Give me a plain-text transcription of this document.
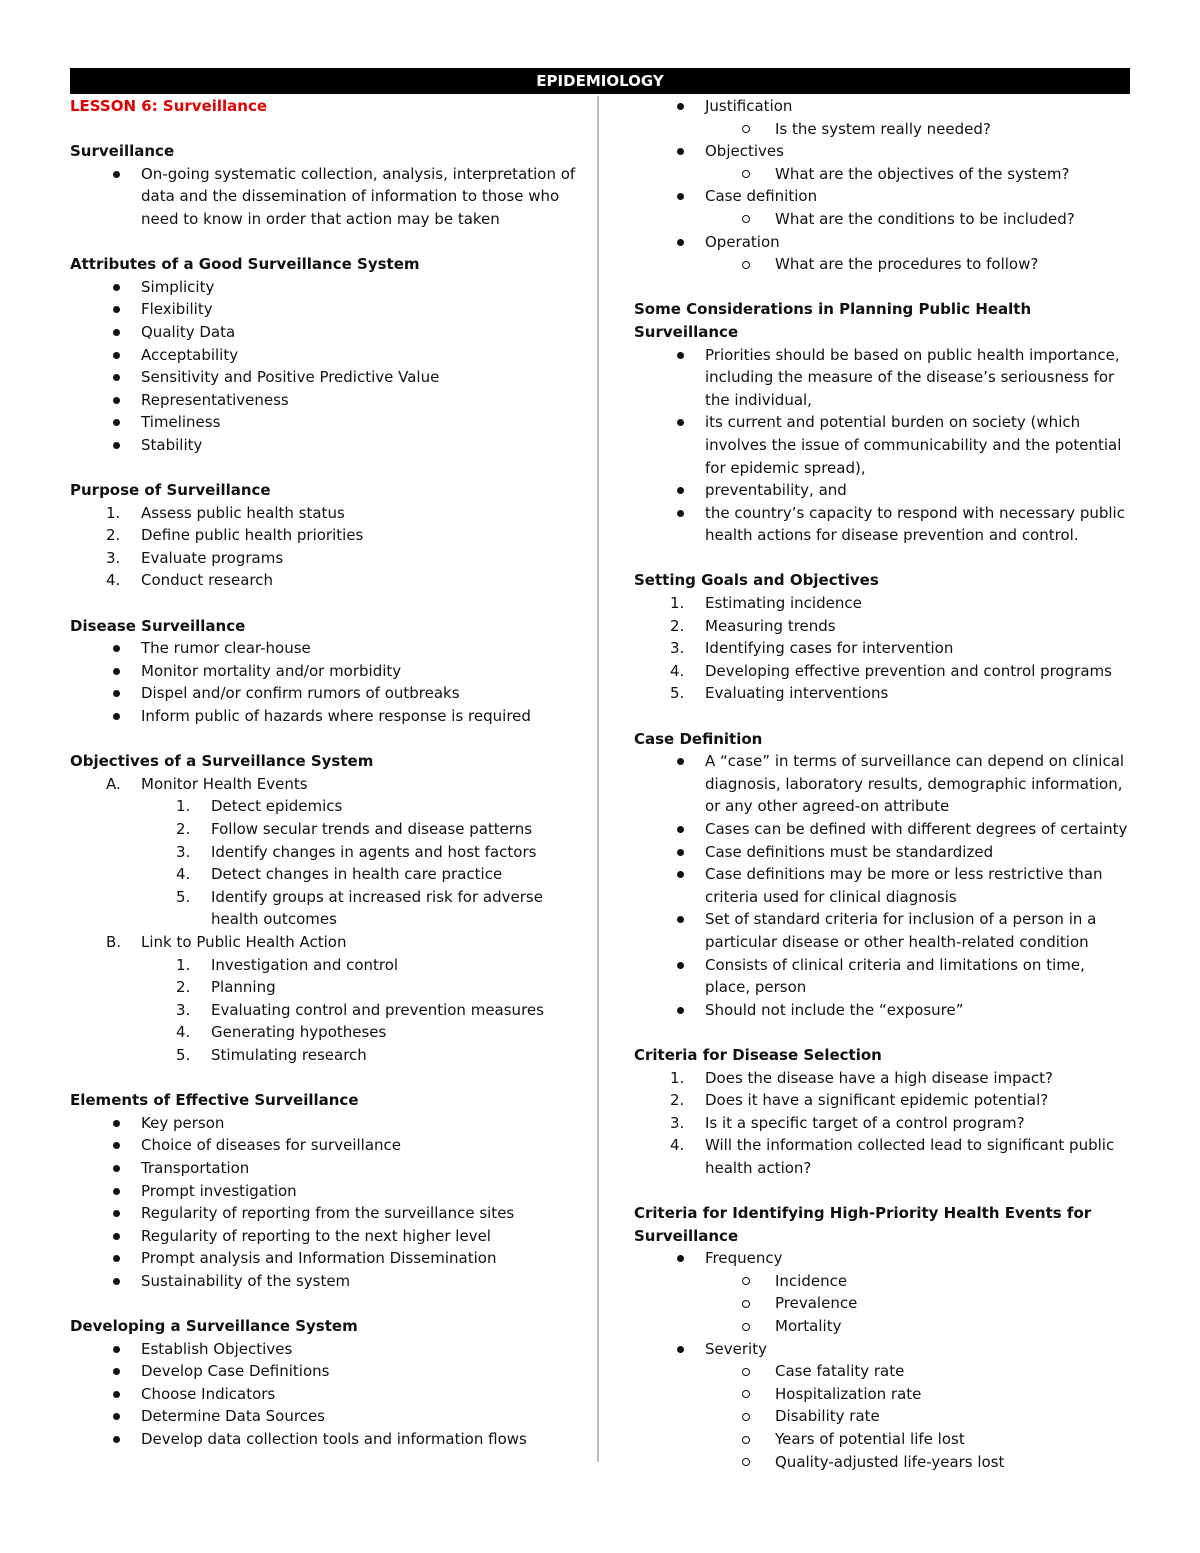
EPIDEMIOLOGY
LESSON 6: Surveillance
Surveillance
On-going systematic collection, analysis, interpretation of data and the dissemination of information to those who need to know in order that action may be taken
Attributes of a Good Surveillance System
Simplicity
Flexibility
Quality Data
Acceptability
Sensitivity and Positive Predictive Value
Representativeness
Timeliness
Stability
Purpose of Surveillance
1.	Assess public health status
2.	Define public health priorities
3.	Evaluate programs
4.	Conduct research
Disease Surveillance
The rumor clear-house
Monitor mortality and/or morbidity
Dispel and/or confirm rumors of outbreaks
Inform public of hazards where response is required
Objectives of a Surveillance System
A.	Monitor Health Events
1.	Detect epidemics
2.	Follow secular trends and disease patterns
3.	Identify changes in agents and host factors
4.	Detect changes in health care practice
5.	Identify groups at increased risk for adverse health outcomes
B.	Link to Public Health Action
1.	Investigation and control
2.	Planning
3.	Evaluating control and prevention measures
4.	Generating hypotheses
5.	Stimulating research
Elements of Effective Surveillance
Key person
Choice of diseases for surveillance
Transportation
Prompt investigation
Regularity of reporting from the surveillance sites
Regularity of reporting to the next higher level
Prompt analysis and Information Dissemination
Sustainability of the system
Developing a Surveillance System
Establish Objectives
Develop Case Definitions
Choose Indicators
Determine Data Sources
Develop data collection tools and information flows
Justification
Is the system really needed?
Objectives
What are the objectives of the system?
Case definition
What are the conditions to be included?
Operation
What are the procedures to follow?
Some Considerations in Planning Public Health Surveillance
Priorities should be based on public health importance, including the measure of the disease’s seriousness for the individual,
its current and potential burden on society (which involves the issue of communicability and the potential for epidemic spread),
preventability, and
the country’s capacity to respond with necessary public health actions for disease prevention and control.
Setting Goals and Objectives
1.	Estimating incidence
2.	Measuring trends
3.	Identifying cases for intervention
4.	Developing effective prevention and control programs
5.	Evaluating interventions
Case Definition
A “case” in terms of surveillance can depend on clinical diagnosis, laboratory results, demographic information, or any other agreed-on attribute
Cases can be defined with different degrees of certainty
Case definitions must be standardized
Case definitions may be more or less restrictive than criteria used for clinical diagnosis
Set of standard criteria for inclusion of a person in a particular disease or other health-related condition
Consists of clinical criteria and limitations on time, place, person
Should not include the “exposure”
Criteria for Disease Selection
1.	Does the disease have a high disease impact?
2.	Does it have a significant epidemic potential?
3.	Is it a specific target of a control program?
4.	Will the information collected lead to significant public health action?
Criteria for Identifying High-Priority Health Events for Surveillance
Frequency
Incidence
Prevalence
Mortality
Severity
Case fatality rate
Hospitalization rate
Disability rate
Years of potential life lost
Quality-adjusted life-years lost
